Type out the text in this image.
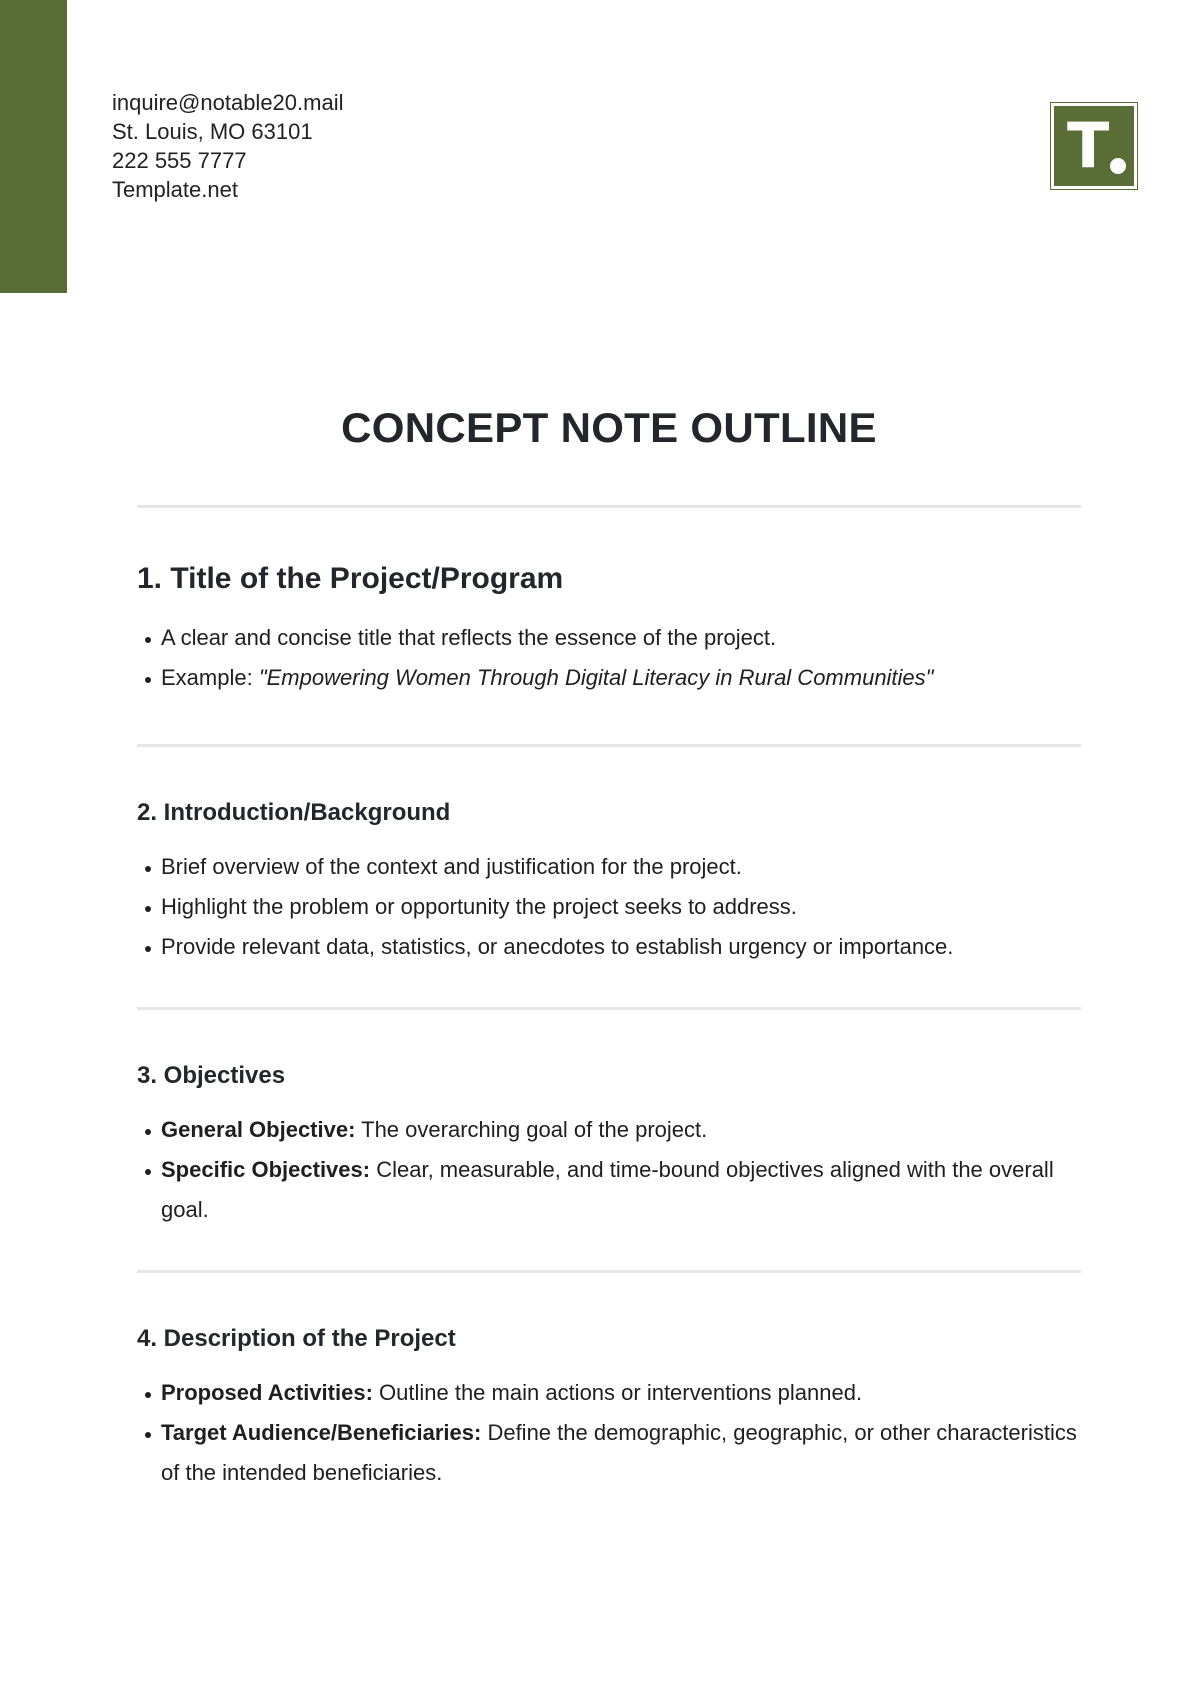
inquire@notable20.mail
St. Louis, MO 63101
222 555 7777
Template.net
T
CONCEPT NOTE OUTLINE
1. Title of the Project/Program
A clear and concise title that reflects the essence of the project.
Example: "Empowering Women Through Digital Literacy in Rural Communities"
2. Introduction/Background
Brief overview of the context and justification for the project.
Highlight the problem or opportunity the project seeks to address.
Provide relevant data, statistics, or anecdotes to establish urgency or importance.
3. Objectives
General Objective: The overarching goal of the project.
Specific Objectives: Clear, measurable, and time-bound objectives aligned with the overall goal.
4. Description of the Project
Proposed Activities: Outline the main actions or interventions planned.
Target Audience/Beneficiaries: Define the demographic, geographic, or other characteristics of the intended beneficiaries.
